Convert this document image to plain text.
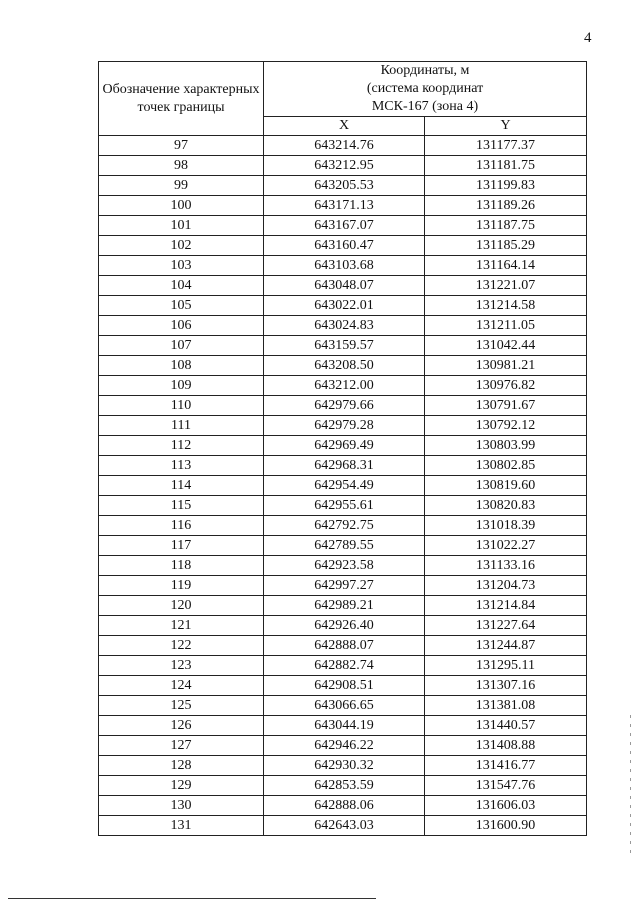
4
Обозначение характерных точек границы	Координаты, м
(система координат
МСК-167 (зона 4)	

	X	Y
97	643214.76	131177.37
98	643212.95	131181.75
99	643205.53	131199.83
100	643171.13	131189.26
101	643167.07	131187.75
102	643160.47	131185.29
103	643103.68	131164.14
104	643048.07	131221.07
105	643022.01	131214.58
106	643024.83	131211.05
107	643159.57	131042.44
108	643208.50	130981.21
109	643212.00	130976.82
110	642979.66	130791.67
111	642979.28	130792.12
112	642969.49	130803.99
113	642968.31	130802.85
114	642954.49	130819.60
115	642955.61	130820.83
116	642792.75	131018.39
117	642789.55	131022.27
118	642923.58	131133.16
119	642997.27	131204.73
120	642989.21	131214.84
121	642926.40	131227.64
122	642888.07	131244.87
123	642882.74	131295.11
124	642908.51	131307.16
125	643066.65	131381.08
126	643044.19	131440.57
127	642946.22	131408.88
128	642930.32	131416.77
129	642853.59	131547.76
130	642888.06	131606.03
131	642643.03	131600.90
